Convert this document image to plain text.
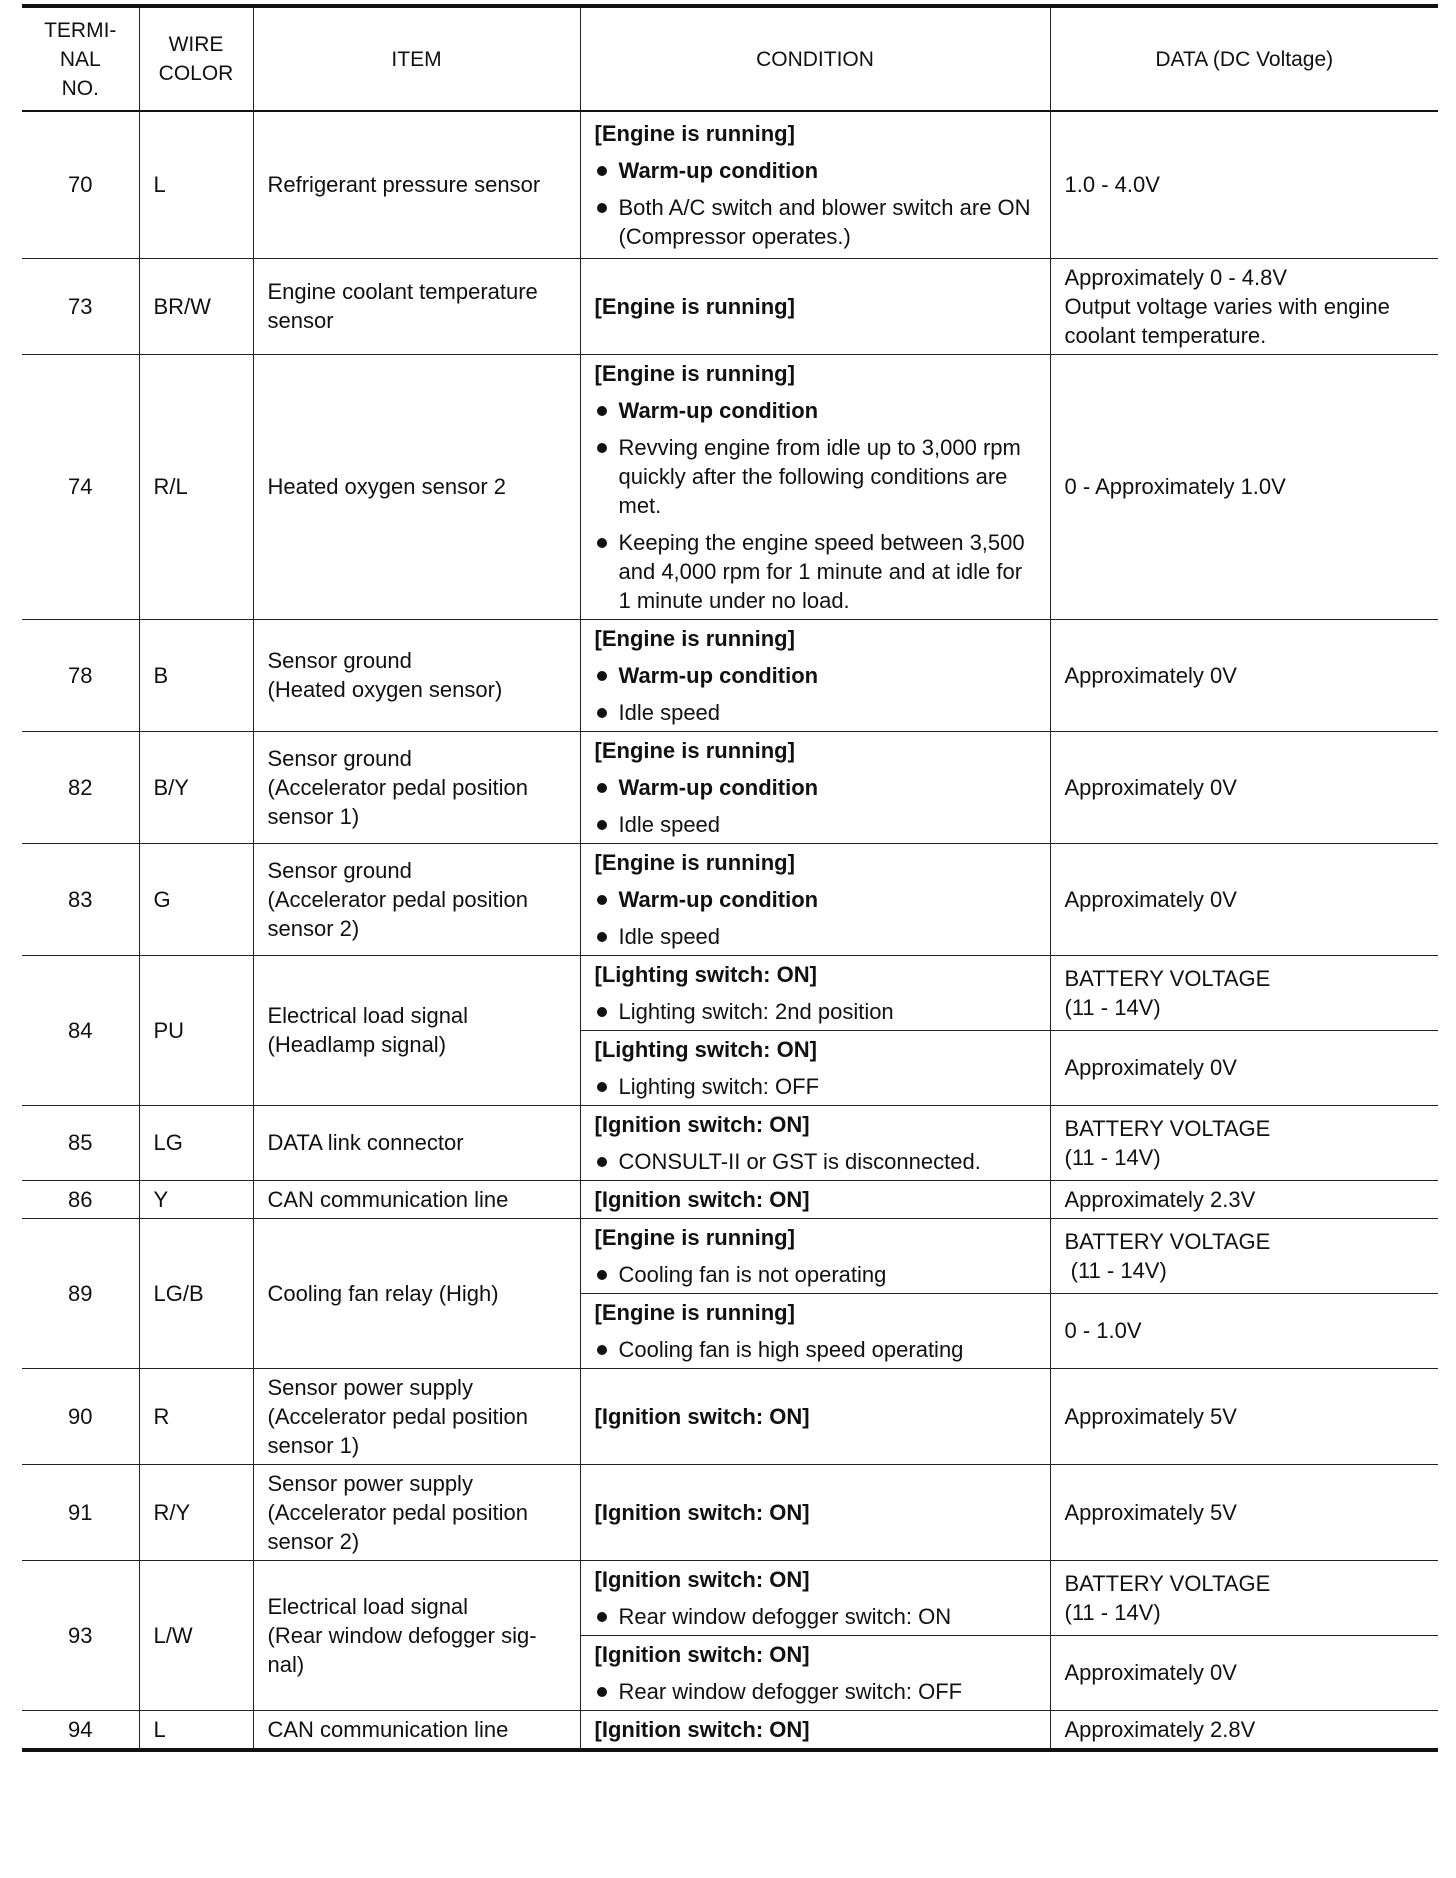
TERMI-
NAL
NO.	WIRE
COLOR	ITEM	CONDITION	DATA (DC Voltage)
70	L	Refrigerant pressure sensor	[Engine is running]
Warm-up condition
Both A/C switch and blower switch are ON
(Compressor operates.)	1.0 - 4.0V
73	BR/W	Engine coolant temperature sensor	[Engine is running]	Approximately 0 - 4.8V
Output voltage varies with engine coolant temperature.

74	R/L	Heated oxygen sensor 2	[Engine is running]
Warm-up condition
Revving engine from idle up to 3,000 rpm quickly after the following conditions are met.
Keeping the engine speed between 3,500 and 4,000 rpm for 1 minute and at idle for 1 minute under no load.	0 - Approximately 1.0V
78	B	Sensor ground
(Heated oxygen sensor)	[Engine is running]
Warm-up condition
Idle speed	Approximately 0V
82	B/Y	Sensor ground
(Accelerator pedal position sensor 1)	[Engine is running]
Warm-up condition
Idle speed	Approximately 0V
83	G	Sensor ground
(Accelerator pedal position sensor 2)	[Engine is running]
Warm-up condition
Idle speed	Approximately 0V
84	PU	Electrical load signal
(Headlamp signal)	[Lighting switch: ON]
Lighting switch: 2nd position	BATTERY VOLTAGE
(11 - 14V)

			[Lighting switch: ON]
Lighting switch: OFF	Approximately 0V
85	LG	DATA link connector	[Ignition switch: ON]
CONSULT-II or GST is disconnected.	BATTERY VOLTAGE
(11 - 14V)

86	Y	CAN communication line	[Ignition switch: ON]	Approximately 2.3V
89	LG/B	Cooling fan relay (High)	[Engine is running]
Cooling fan is not operating	BATTERY VOLTAGE
(11 - 14V)

			[Engine is running]
Cooling fan is high speed operating	0 - 1.0V
90	R	Sensor power supply
(Accelerator pedal position sensor 1)	[Ignition switch: ON]	Approximately 5V
91	R/Y	Sensor power supply
(Accelerator pedal position sensor 2)	[Ignition switch: ON]	Approximately 5V
93	L/W	Electrical load signal
(Rear window defogger sig-nal)	[Ignition switch: ON]
Rear window defogger switch: ON	BATTERY VOLTAGE
(11 - 14V)

			[Ignition switch: ON]
Rear window defogger switch: OFF	Approximately 0V
94	L	CAN communication line	[Ignition switch: ON]	Approximately 2.8V
